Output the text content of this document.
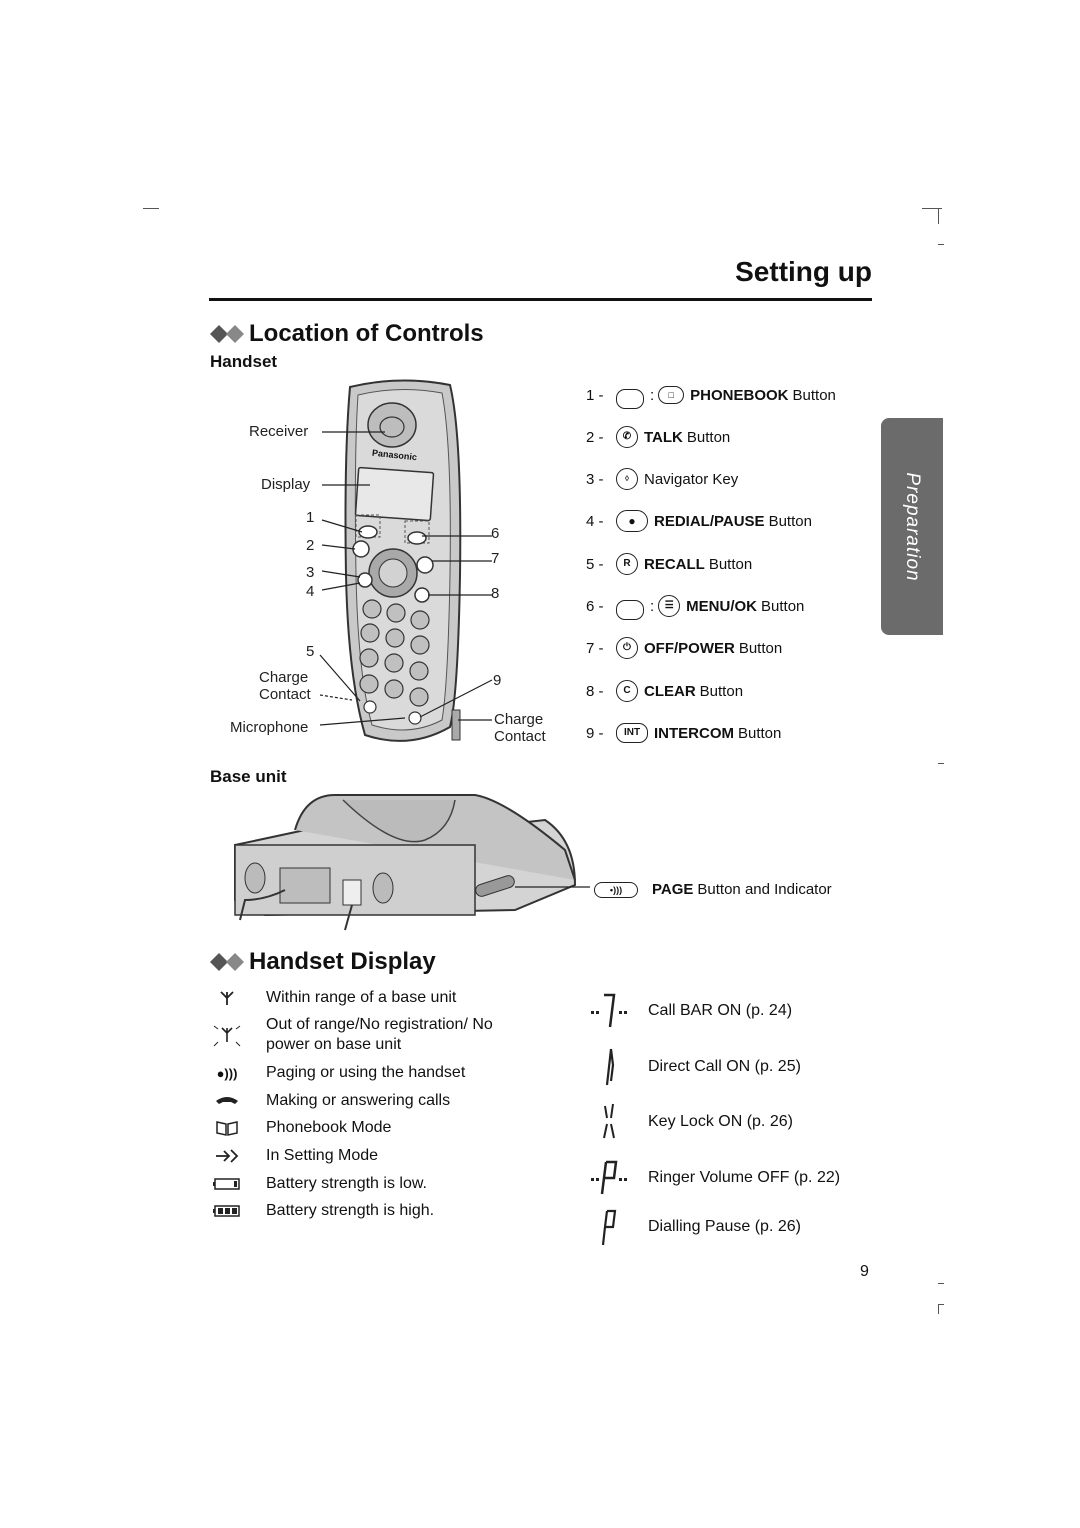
Setting up
Location of Controls
Handset
Panasonic
Receiver
Display
1
2
3
4
5
Charge
Contact
Microphone
6
7
8
9
Charge
Contact
1 -	:	□	PHONEBOOK Button
2 -	✆ TALK Button
3 -	◊	Navigator Key
4 -	●	REDIAL/PAUSE Button
5 -	R RECALL Button
6 -	:	☰ MENU/OK Button
7 -	⏻ OFF/POWER Button
8 -	C CLEAR Button
9 -	INT INTERCOM Button
Preparation
Base unit
•)))	PAGE Button and Indicator
Handset Display
Within range of a base unit
Out of range/No registration/ No power on base unit
●))) Paging or using the handset
Making or answering calls
Phonebook Mode
In Setting Mode
Battery strength is low.
Battery strength is high.
Call BAR ON (p. 24)
Direct Call ON (p. 25)
Key Lock ON (p. 26)
Ringer Volume OFF (p. 22)
Dialling Pause (p. 26)
9
